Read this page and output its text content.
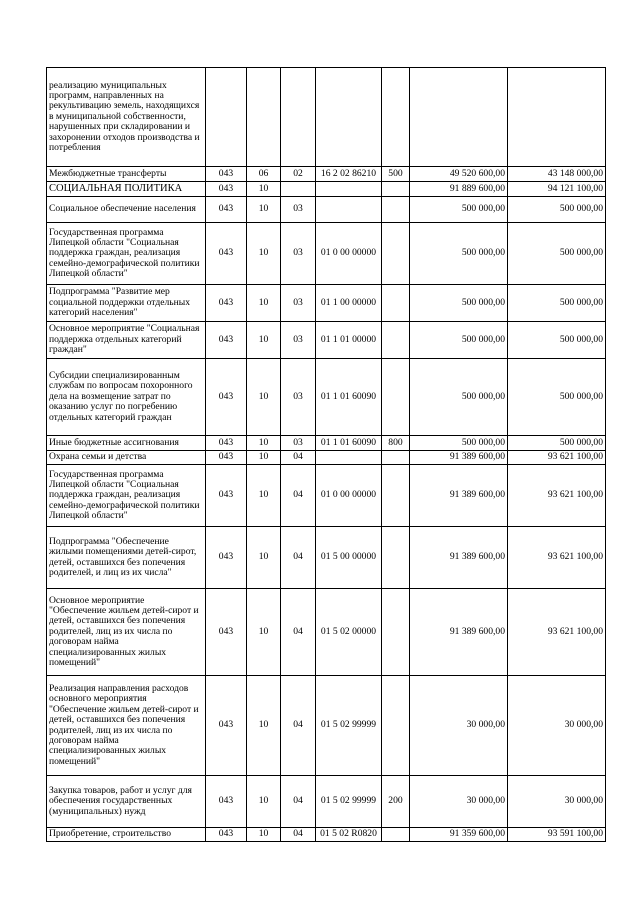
реализацию муниципальных программ, направленных на рекультивацию земель, находящихся в муниципальной собственности, нарушенных при складировании и захоронении отходов производства и потребления							
Межбюджетные трансферты	043	06	02	16 2 02 86210	500	49 520 600,00	43 148 000,00
СОЦИАЛЬНАЯ ПОЛИТИКА	043	10				91 889 600,00	94 121 100,00
Социальное обеспечение населения	043	10	03			500 000,00	500 000,00
Государственная программа Липецкой области "Социальная поддержка граждан, реализация семейно-демографической политики Липецкой области"	043	10	03	01 0 00 00000		500 000,00	500 000,00
Подпрограмма "Развитие мер социальной поддержки отдельных категорий населения"	043	10	03	01 1 00 00000		500 000,00	500 000,00
Основное мероприятие "Социальная поддержка отдельных категорий граждан"	043	10	03	01 1 01 00000		500 000,00	500 000,00
Субсидии специализированным службам по вопросам похоронного дела на возмещение затрат по оказанию услуг по погребению отдельных категорий граждан	043	10	03	01 1 01 60090		500 000,00	500 000,00
Иные бюджетные ассигнования	043	10	03	01 1 01 60090	800	500 000,00	500 000,00
Охрана семьи и детства	043	10	04			91 389 600,00	93 621 100,00
Государственная программа Липецкой области "Социальная поддержка граждан, реализация семейно-демографической политики Липецкой области"	043	10	04	01 0 00 00000		91 389 600,00	93 621 100,00
Подпрограмма "Обеспечение жилыми помещениями детей-сирот, детей, оставшихся без попечения родителей, и лиц из их числа"	043	10	04	01 5 00 00000		91 389 600,00	93 621 100,00
Основное мероприятие "Обеспечение жильем детей-сирот и детей, оставшихся без попечения родителей, лиц из их числа по договорам найма специализированных жилых помещений"	043	10	04	01 5 02 00000		91 389 600,00	93 621 100,00
Реализация направления расходов основного мероприятия "Обеспечение жильем детей-сирот и детей, оставшихся без попечения родителей, лиц из их числа по договорам найма специализированных жилых помещений"	043	10	04	01 5 02 99999		30 000,00	30 000,00
Закупка товаров, работ и услуг для обеспечения государственных (муниципальных) нужд	043	10	04	01 5 02 99999	200	30 000,00	30 000,00
Приобретение, строительство	043	10	04	01 5 02 R0820		91 359 600,00	93 591 100,00
